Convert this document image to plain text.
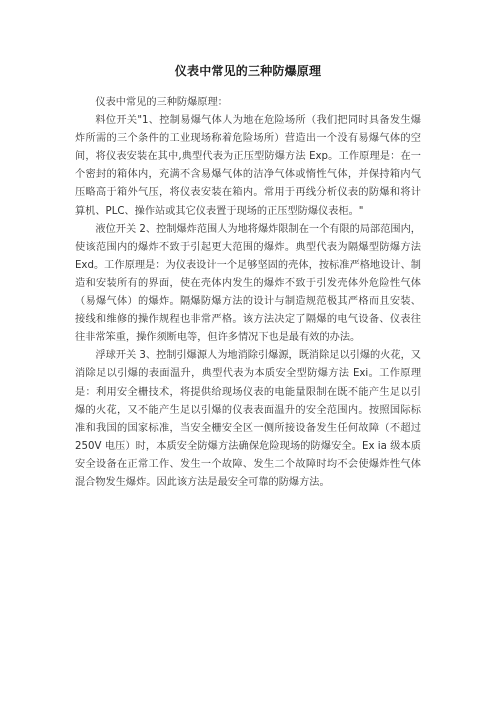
仪表中常见的三种防爆原理

仪表中常见的三种防爆原理：

料位开关"1、控制易爆气体人为地在危险场所（我们把同时具备发生爆炸所需的三个条件的工业现场称着危险场所）营造出一个没有易爆气体的空间，将仪表安装在其中,典型代表为正压型防爆方法 Exp。工作原理是：在一个密封的箱体内，充满不含易爆气体的洁净气体或惰性气体，并保持箱内气压略高于箱外气压，将仪表安装在箱内。常用于再线分析仪表的防爆和将计算机、PLC、操作站或其它仪表置于现场的正压型防爆仪表柜。"

液位开关 2、控制爆炸范围人为地将爆炸限制在一个有限的局部范围内，使该范围内的爆炸不致于引起更大范围的爆炸。典型代表为隔爆型防爆方法 Exd。工作原理是：为仪表设计一个足够坚固的壳体，按标准严格地设计、制造和安装所有的界面，使在壳体内发生的爆炸不致于引发壳体外危险性气体（易爆气体）的爆炸。隔爆防爆方法的设计与制造规范极其严格而且安装、接线和维修的操作规程也非常严格。该方法决定了隔爆的电气设备、仪表往往非常笨重，操作须断电等，但许多情况下也是最有效的办法。

浮球开关 3、控制引爆源人为地消除引爆源，既消除足以引爆的火花，又消除足以引爆的表面温升，典型代表为本质安全型防爆方法 Exi。工作原理是：利用安全栅技术，将提供给现场仪表的电能量限制在既不能产生足以引爆的火花，又不能产生足以引爆的仪表表面温升的安全范围内。按照国际标准和我国的国家标准，当安全栅安全区一侧所接设备发生任何故障（不超过 250V 电压）时，本质安全防爆方法确保危险现场的防爆安全。Ex ia 级本质安全设备在正常工作、发生一个故障、发生二个故障时均不会使爆炸性气体混合物发生爆炸。因此该方法是最安全可靠的防爆方法。
